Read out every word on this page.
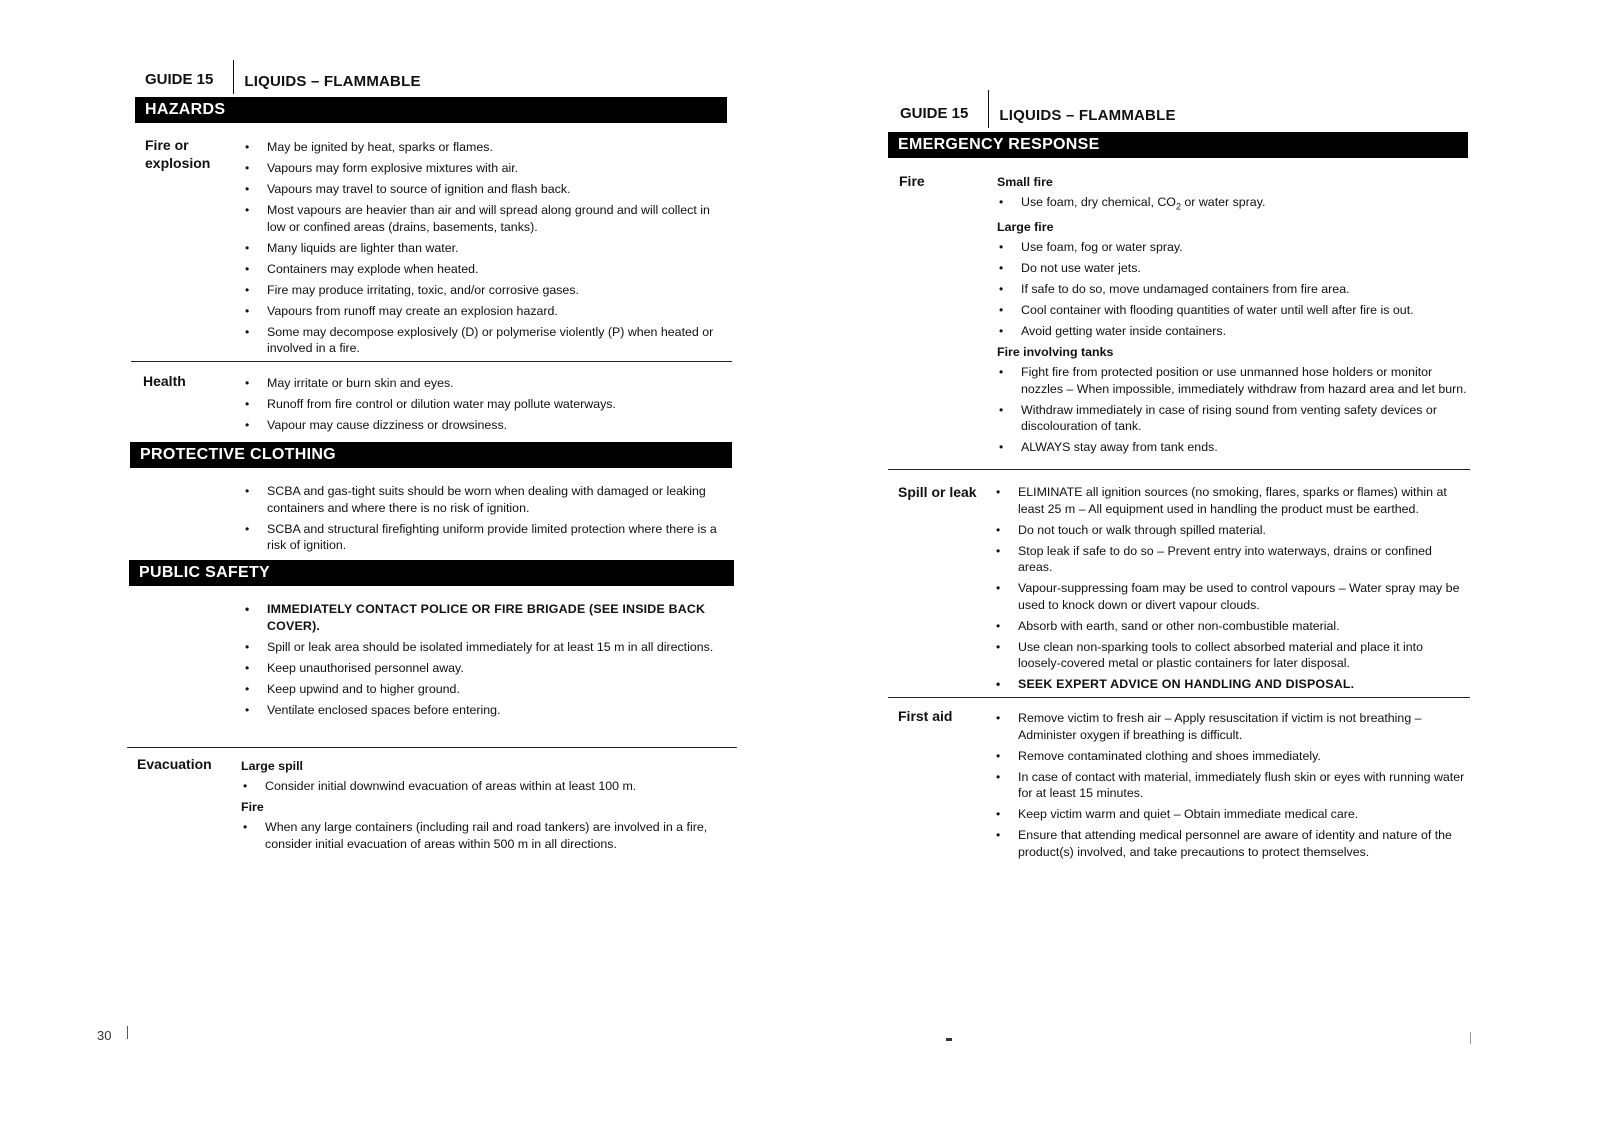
GUIDE 15	LIQUIDS – FLAMMABLE
HAZARDS
Fire or explosion
• May be ignited by heat, sparks or flames.
• Vapours may form explosive mixtures with air.
• Vapours may travel to source of ignition and flash back.
• Most vapours are heavier than air and will spread along ground and will collect in low or confined areas (drains, basements, tanks).
• Many liquids are lighter than water.
• Containers may explode when heated.
• Fire may produce irritating, toxic, and/or corrosive gases.
• Vapours from runoff may create an explosion hazard.
• Some may decompose explosively (D) or polymerise violently (P) when heated or involved in a fire.
Health	• May irritate or burn skin and eyes.
• Runoff from fire control or dilution water may pollute waterways.
• Vapour may cause dizziness or drowsiness.
PROTECTIVE CLOTHING
• SCBA and gas-tight suits should be worn when dealing with damaged or leaking containers and where there is no risk of ignition.
• SCBA and structural firefighting uniform provide limited protection where there is a risk of ignition.
PUBLIC SAFETY
• IMMEDIATELY CONTACT POLICE OR FIRE BRIGADE (SEE INSIDE BACK COVER).
• Spill or leak area should be isolated immediately for at least 15 m in all directions.
• Keep unauthorised personnel away.
• Keep upwind and to higher ground.
• Ventilate enclosed spaces before entering.
Evacuation	Large spill
• Consider initial downwind evacuation of areas within at least 100 m.
Fire
• When any large containers (including rail and road tankers) are involved in a fire, consider initial evacuation of areas within 500 m in all directions.
30
GUIDE 15	LIQUIDS – FLAMMABLE
EMERGENCY RESPONSE
Fire	Small fire
• Use foam, dry chemical, $CO_2$ or water spray.
Large fire
• Use foam, fog or water spray.
• Do not use water jets.
• If safe to do so, move undamaged containers from fire area.
• Cool container with flooding quantities of water until well after fire is out.
• Avoid getting water inside containers.
Fire involving tanks
• Fight fire from protected position or use unmanned hose holders or monitor nozzles – When impossible, immediately withdraw from hazard area and let burn.
• Withdraw immediately in case of rising sound from venting safety devices or discolouration of tank.
• ALWAYS stay away from tank ends.
Spill or leak	• ELIMINATE all ignition sources (no smoking, flares, sparks or flames) within at least 25 m – All equipment used in handling the product must be earthed.
• Do not touch or walk through spilled material.
• Stop leak if safe to do so – Prevent entry into waterways, drains or confined areas.
• Vapour-suppressing foam may be used to control vapours – Water spray may be used to knock down or divert vapour clouds.
• Absorb with earth, sand or other non-combustible material.
• Use clean non-sparking tools to collect absorbed material and place it into loosely-covered metal or plastic containers for later disposal.
• SEEK EXPERT ADVICE ON HANDLING AND DISPOSAL.
First aid	• Remove victim to fresh air – Apply resuscitation if victim is not breathing – Administer oxygen if breathing is difficult.
• Remove contaminated clothing and shoes immediately.
• In case of contact with material, immediately flush skin or eyes with running water for at least 15 minutes.
• Keep victim warm and quiet – Obtain immediate medical care.
• Ensure that attending medical personnel are aware of identity and nature of the product(s) involved, and take precautions to protect themselves.
